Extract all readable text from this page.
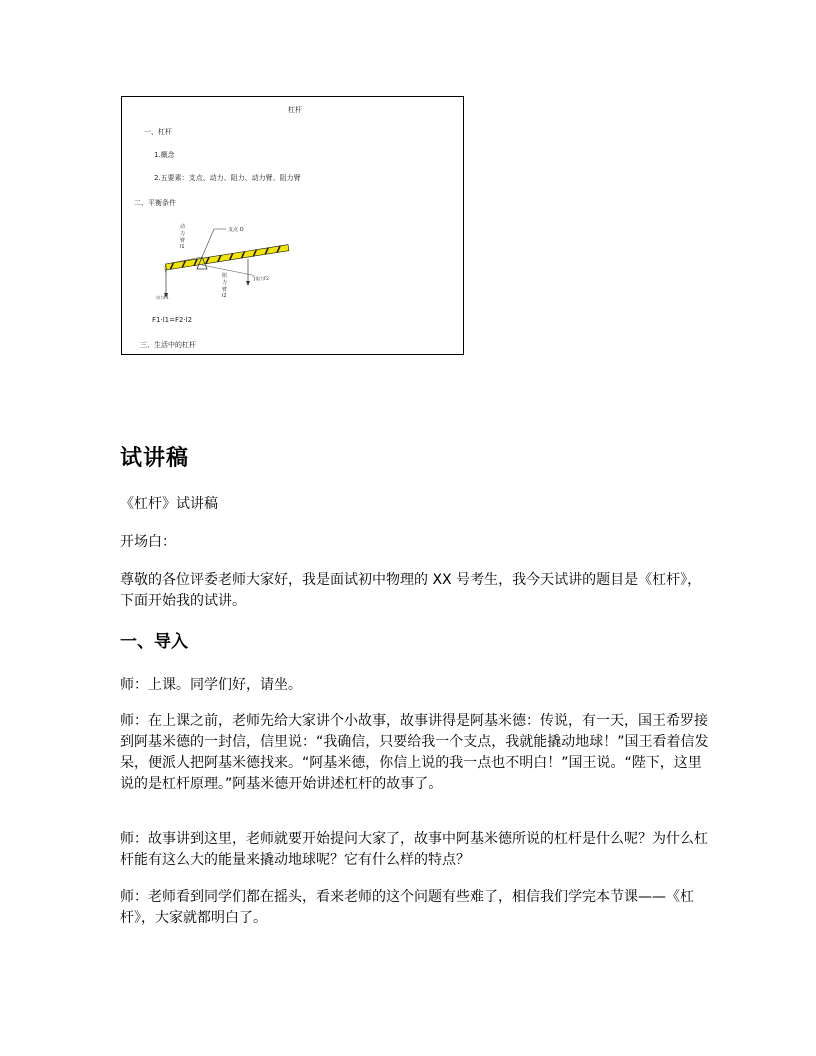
杠杆
一、杠杆
1.概念
2.五要素：支点、动力、阻力、动力臂、阻力臂
二、平衡条件
支点 O
动
力
臂
l1
阻
力
臂
l2
动力F1
阻力F2
F1·l1=F2·l2
三、生活中的杠杆
试讲稿
《杠杆》试讲稿
开场白：
尊敬的各位评委老师大家好，我是面试初中物理的 XX 号考生，我今天试讲的题目是《杠杆》，下面开始我的试讲。
一、导入
师：上课。同学们好，请坐。
师：在上课之前，老师先给大家讲个小故事，故事讲得是阿基米德：传说，有一天，国王希罗接到阿基米德的一封信，信里说：“我确信，只要给我一个支点，我就能撬动地球！”国王看着信发呆，便派人把阿基米德找来。“阿基米德，你信上说的我一点也不明白！”国王说。“陛下，这里说的是杠杆原理。”阿基米德开始讲述杠杆的故事了。
师：故事讲到这里，老师就要开始提问大家了，故事中阿基米德所说的杠杆是什么呢？为什么杠杆能有这么大的能量来撬动地球呢？它有什么样的特点？
师：老师看到同学们都在摇头，看来老师的这个问题有些难了，相信我们学完本节课——《杠杆》，大家就都明白了。
